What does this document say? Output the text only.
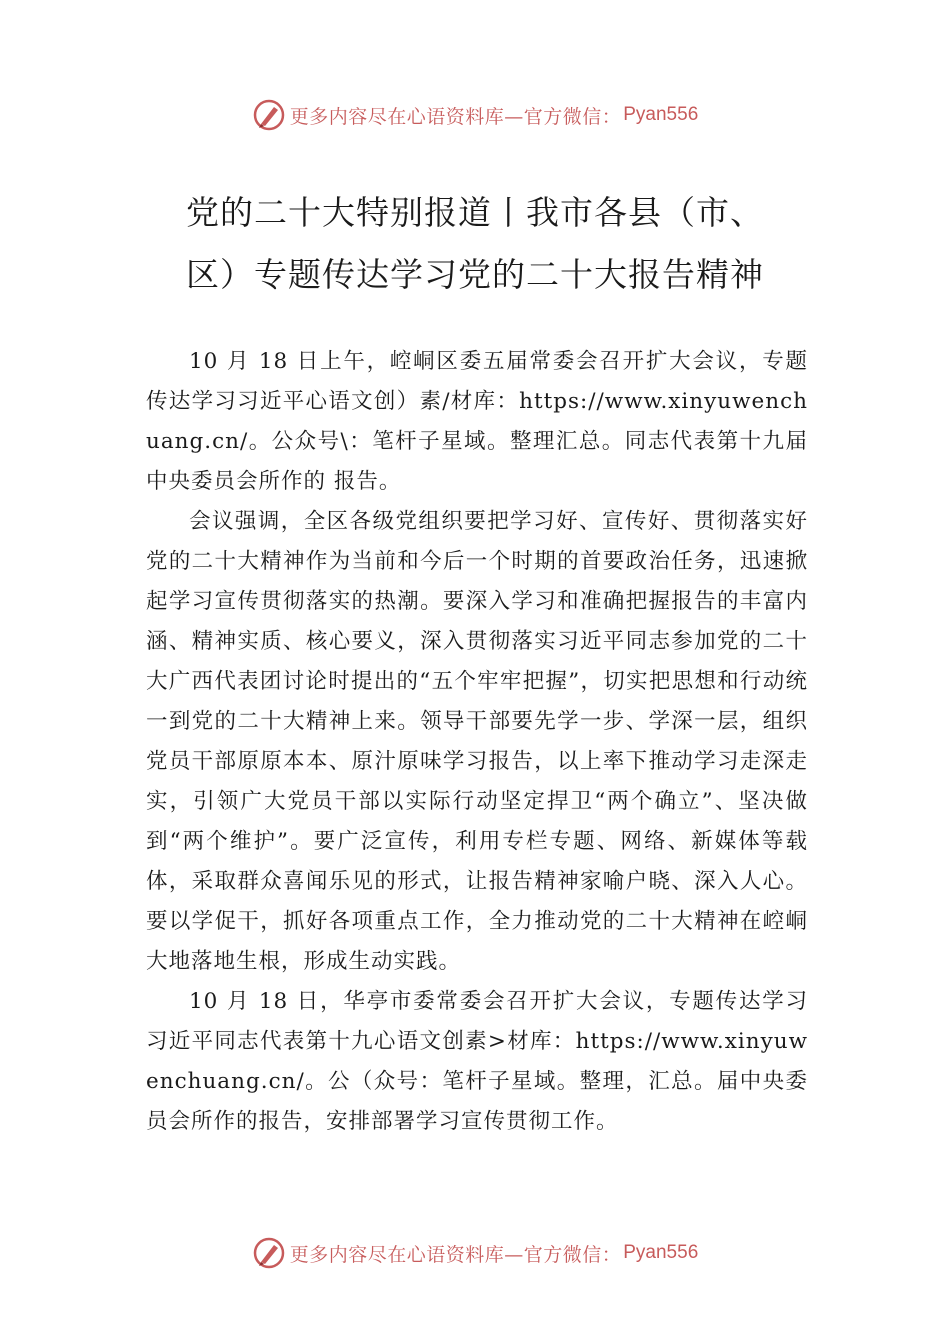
更多内容尽在心语资料库—官方微信： Pyan556
党的二十大特别报道丨我市各县（市、
区）专题传达学习党的二十大报告精神

10 月 18 日上午，崆峒区委五届常委会召开扩大会议，专题传达学习习近平心语文创）素/材库：https://www.xinyuwenchuang.cn/。公众号\：笔杆子星域。整理汇总。同志代表第十九届中央委员会所作的 报告。

会议强调，全区各级党组织要把学习好、宣传好、贯彻落实好党的二十大精神作为当前和今后一个时期的首要政治任务，迅速掀起学习宣传贯彻落实的热潮。要深入学习和准确把握报告的丰富内涵、精神实质、核心要义，深入贯彻落实习近平同志参加党的二十大广西代表团讨论时提出的“五个牢牢把握”，切实把思想和行动统一到党的二十大精神上来。领导干部要先学一步、学深一层，组织党员干部原原本本、原汁原味学习报告，以上率下推动学习走深走实，引领广大党员干部以实际行动坚定捍卫“两个确立”、坚决做到“两个维护”。要广泛宣传，利用专栏专题、网络、新媒体等载体，采取群众喜闻乐见的形式，让报告精神家喻户晓、深入人心。要以学促干，抓好各项重点工作，全力推动党的二十大精神在崆峒大地落地生根，形成生动实践。

10 月 18 日，华亭市委常委会召开扩大会议，专题传达学习习近平同志代表第十九心语文创素>材库：https://www.xinyuwenchuang.cn/。公（众号：笔杆子星域。整理，汇总。届中央委员会所作的报告，安排部署学习宣传贯彻工作。

更多内容尽在心语资料库—官方微信： Pyan556
